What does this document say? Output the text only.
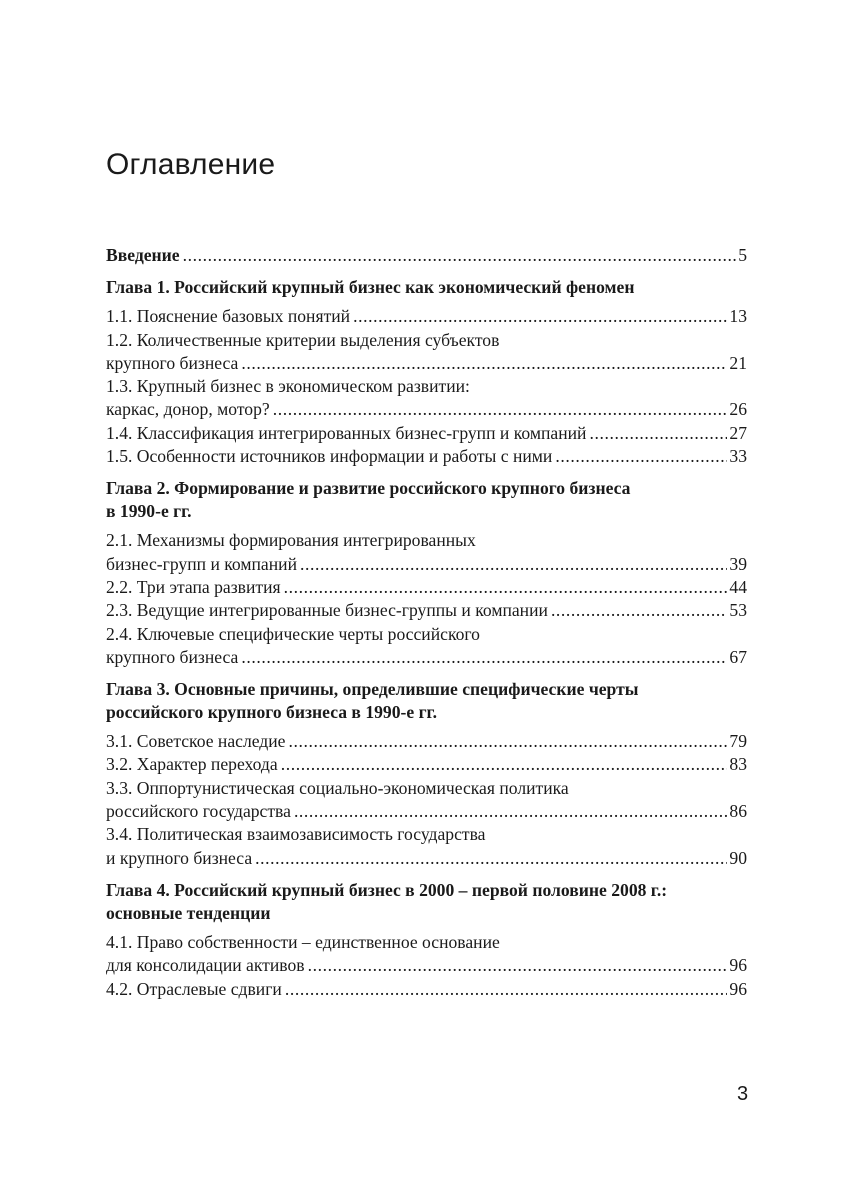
Оглавление
Введение .....	5
Глава 1. Российский крупный бизнес как экономический феномен
1.1. Пояснение базовых понятий .....	13
1.2. Количественные критерии выделения субъектов
крупного бизнеса .....	21
1.3. Крупный бизнес в экономическом развитии:
каркас, донор, мотор? .....	26
1.4. Классификация интегрированных бизнес-групп и компаний .....	27
1.5. Особенности источников информации и работы с ними .....	33
Глава 2. Формирование и развитие российского крупного бизнеса
в 1990-е гг.
2.1. Механизмы формирования интегрированных
бизнес-групп и компаний .....	39
2.2. Три этапа развития .....	44
2.3. Ведущие интегрированные бизнес-группы и компании .....	53
2.4. Ключевые специфические черты российского
крупного бизнеса .....	67
Глава 3. Основные причины, определившие специфические черты
российского крупного бизнеса в 1990-е гг.
3.1. Советское наследие .....	79
3.2. Характер перехода .....	83
3.3. Оппортунистическая социально-экономическая политика
российского государства .....	86
3.4. Политическая взаимозависимость государства
и крупного бизнеса .....	90
Глава 4. Российский крупный бизнес в 2000 – первой половине 2008 г.:
основные тенденции
4.1. Право собственности – единственное основание
для консолидации активов .....	96
4.2. Отраслевые сдвиги .....	96
3
